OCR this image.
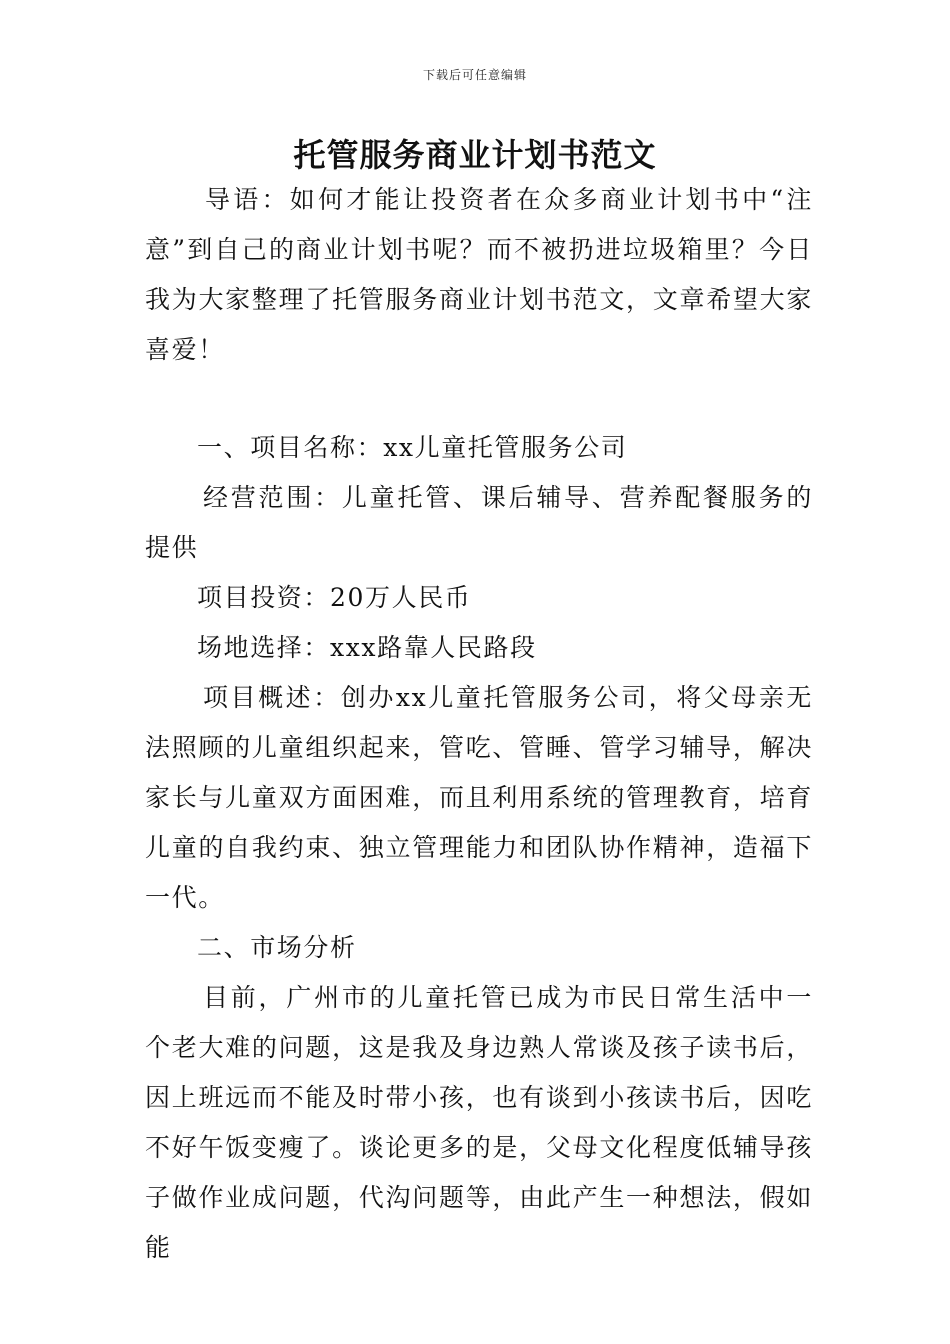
下载后可任意编辑
托管服务商业计划书范文

导语：如何才能让投资者在众多商业计划书中“注意”到自己的商业计划书呢？而不被扔进垃圾箱里？今日我为大家整理了托管服务商业计划书范文，文章希望大家喜爱！

一、项目名称：xx儿童托管服务公司

经营范围：儿童托管、课后辅导、营养配餐服务的提供

项目投资：20万人民币

场地选择：xxx路靠人民路段

项目概述：创办xx儿童托管服务公司，将父母亲无法照顾的儿童组织起来，管吃、管睡、管学习辅导，解决家长与儿童双方面困难，而且利用系统的管理教育，培育儿童的自我约束、独立管理能力和团队协作精神，造福下一代。

二、市场分析

目前，广州市的儿童托管已成为市民日常生活中一个老大难的问题，这是我及身边熟人常谈及孩子读书后，因上班远而不能及时带小孩，也有谈到小孩读书后，因吃不好午饭变瘦了。谈论更多的是，父母文化程度低辅导孩子做作业成问题，代沟问题等，由此产生一种想法，假如能
